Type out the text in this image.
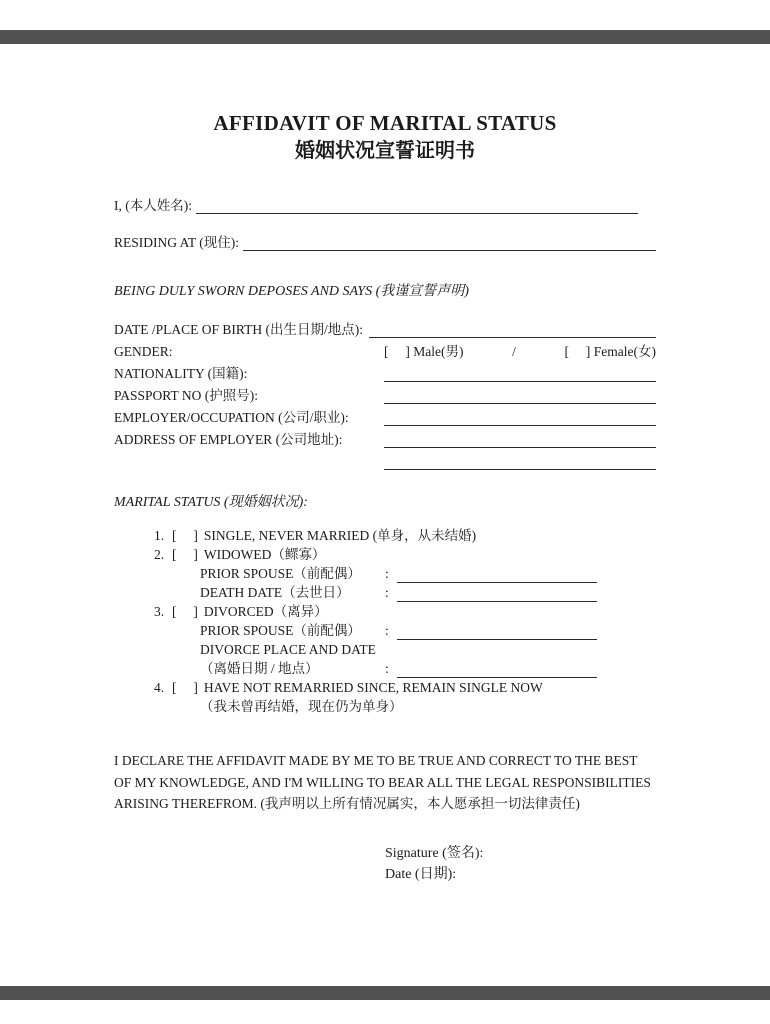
AFFIDAVIT OF MARITAL STATUS
婚姻状况宣誓证明书
I, (本人姓名):
RESIDING AT (现住):
BEING DULY SWORN DEPOSES AND SAYS (我谨宣誓声明)
DATE /PLACE OF BIRTH (出生日期/地点):
GENDER:	[     ] Male(男)	/	[     ] Female(女)
NATIONALITY (国籍):
PASSPORT NO (护照号):
EMPLOYER/OCCUPATION (公司/职业):
ADDRESS OF EMPLOYER (公司地址):
MARITAL STATUS (现婚姻状况):
1. [     ] SINGLE, NEVER MARRIED (单身，从未结婚)
2. [     ] WIDOWED（鳏寡）
PRIOR SPOUSE（前配偶）	:
DEATH DATE（去世日）	:
3. [     ] DIVORCED（离异）
PRIOR SPOUSE（前配偶）	:
DIVORCE PLACE AND DATE
（离婚日期 / 地点）	:
4. [     ] HAVE NOT REMARRIED SINCE, REMAIN SINGLE NOW
（我未曾再结婚，现在仍为单身）
I DECLARE THE AFFIDAVIT MADE BY ME TO BE TRUE AND CORRECT TO THE BEST OF MY KNOWLEDGE, AND I'M WILLING TO BEAR ALL THE LEGAL RESPONSIBILITIES ARISING THEREFROM. (我声明以上所有情况属实，本人愿承担一切法律责任)
Signature (签名):
Date (日期):
